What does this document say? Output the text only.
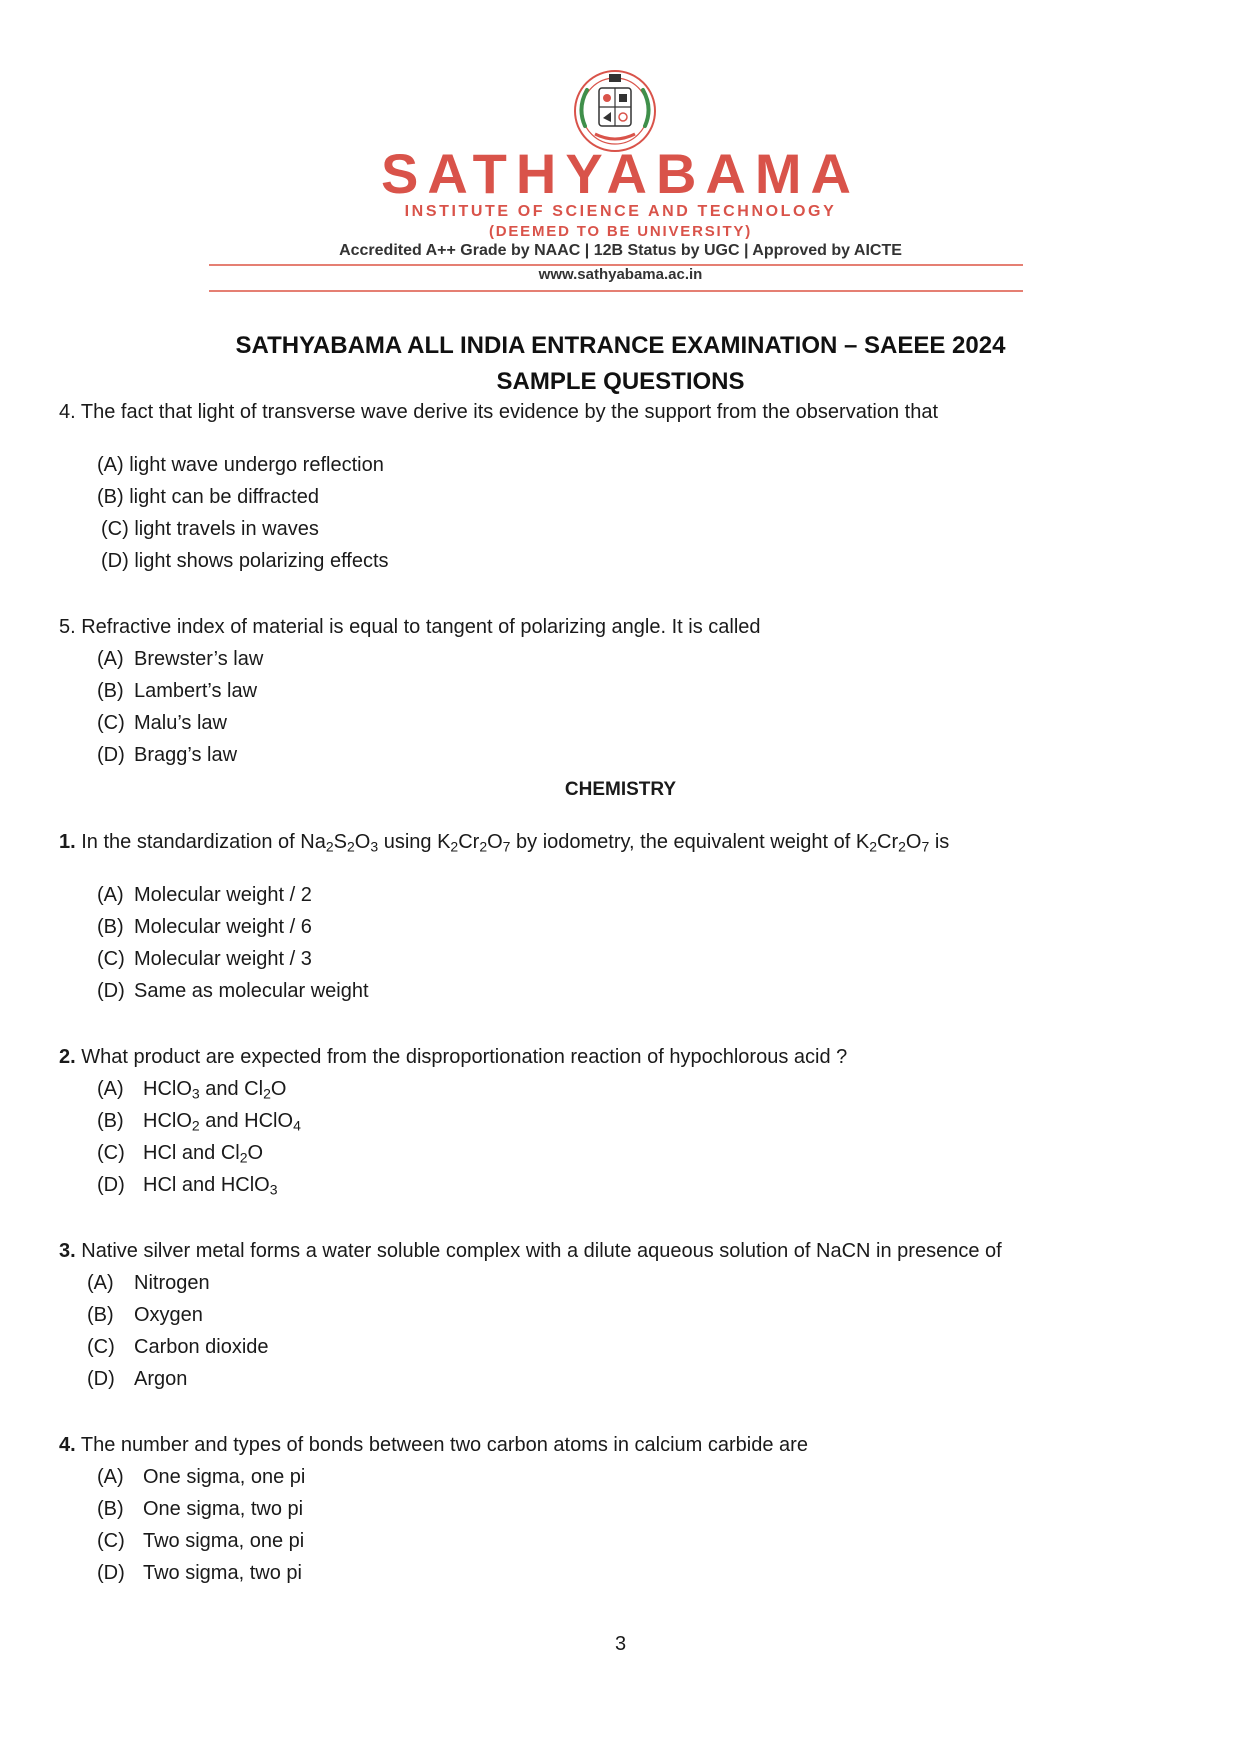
SATHYABAMA
INSTITUTE OF SCIENCE AND TECHNOLOGY
(DEEMED TO BE UNIVERSITY)
Accredited A++ Grade by NAAC | 12B Status by UGC | Approved by AICTE
www.sathyabama.ac.in
SATHYABAMA ALL INDIA ENTRANCE EXAMINATION – SAEEE 2024
SAMPLE QUESTIONS
4. The fact that light of transverse wave derive its evidence by the support from the observation that
(A) light wave undergo reflection
(B) light can be diffracted
(C) light travels in waves
(D) light shows polarizing effects
5. Refractive index of material is equal to tangent of polarizing angle. It is called
(A) Brewster’s law
(B) Lambert’s law
(C) Malu’s law
(D) Bragg’s law
CHEMISTRY
1. In the standardization of $Na_2S_2O_3$ using $K_2Cr_2O_7$ by iodometry, the equivalent weight of $K_2Cr_2O_7$ is
(A) Molecular weight / 2
(B) Molecular weight / 6
(C) Molecular weight / 3
(D) Same as molecular weight
2. What product are expected from the disproportionation reaction of hypochlorous acid ?
(A) HClO$_3$ and $Cl_2O$
(B) HClO$_2$ and HClO$_4$
(C) HCl and $Cl_2O$
(D) HCl and HClO$_3$
3. Native silver metal forms a water soluble complex with a dilute aqueous solution of NaCN in presence of
(A) Nitrogen
(B) Oxygen
(C) Carbon dioxide
(D) Argon
4. The number and types of bonds between two carbon atoms in calcium carbide are
(A) One sigma, one pi
(B) One sigma, two pi
(C) Two sigma, one pi
(D) Two sigma, two pi
3
